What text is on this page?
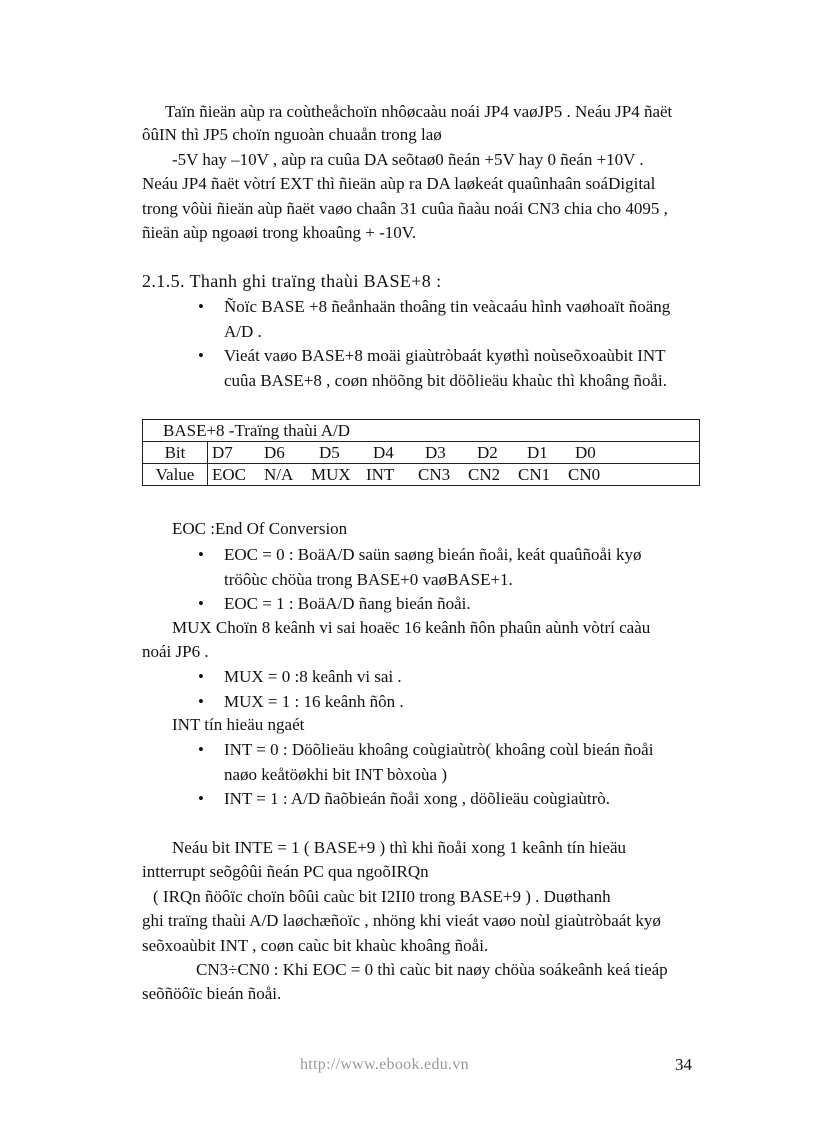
Taïn ñieän aùp ra coùtheåchoïn nhôøcaàu noái JP4 vaøJP5 . Neáu JP4 ñaët
ôûIN thì JP5 choïn nguoàn chuaån trong laø
-5V hay –10V , aùp ra cuûa DA seõtaø0 ñeán +5V hay 0 ñeán +10V .
Neáu JP4 ñaët vòtrí EXT thì ñieän aùp ra DA laøkeát quaûnhaân soáDigital
trong vôùi ñieän aùp ñaët vaøo chaân 31 cuûa ñaàu noái CN3 chia cho 4095 ,
ñieän aùp ngoaøi trong khoaûng + -10V.
2.1.5. Thanh ghi traïng thaùi BASE+8 :
• Ñoïc BASE +8 ñeånhaän thoâng tin veàcaáu hình vaøhoaït ñoäng
A/D .
• Vieát vaøo BASE+8 moäi giaùtròbaát kyøthì noùseõxoaùbit INT
cuûa BASE+8 , coøn nhöõng bit döõlieäu khaùc thì khoâng ñoåi.
BASE+8 -Traïng thaùi A/D	
Bit	D7 D6 D5 D4 D3 D2 D1 D0
Value	EOC N/A MUX INT CN3 CN2 CN1 CN0
EOC :End Of Conversion
• EOC = 0 : BoäA/D saün saøng bieán ñoåi, keát quaûñoåi kyø
tröôùc chöùa trong BASE+0 vaøBASE+1.
• EOC = 1 : BoäA/D ñang bieán ñoåi.
MUX Choïn 8 keânh vi sai hoaëc 16 keânh ñôn phaûn aùnh vòtrí caàu
noái JP6 .
• MUX = 0 :8 keânh vi sai .
• MUX = 1 : 16 keânh ñôn .
INT tín hieäu ngaét
• INT = 0 : Döõlieäu khoâng coùgiaùtrò( khoâng coùl bieán ñoåi
naøo keåtöøkhi bit INT bòxoùa )
• INT = 1 : A/D ñaõbieán ñoåi xong , döõlieäu coùgiaùtrò.
Neáu bit INTE = 1 ( BASE+9 ) thì khi ñoåi xong 1 keânh tín hieäu
intterrupt seõgôûi ñeán PC qua ngoõIRQn
( IRQn ñöôïc choïn bôûi caùc bit I2II0 trong BASE+9 ) . Duøthanh
ghi traïng thaùi A/D laøchæñoïc , nhöng khi vieát vaøo noùl giaùtròbaát kyø
seõxoaùbit INT , coøn caùc bit khaùc khoâng ñoåi.
CN3÷CN0 : Khi EOC = 0 thì caùc bit naøy chöùa soákeânh keá tieáp
seõñöôïc bieán ñoåi.
http://www.ebook.edu.vn	34
